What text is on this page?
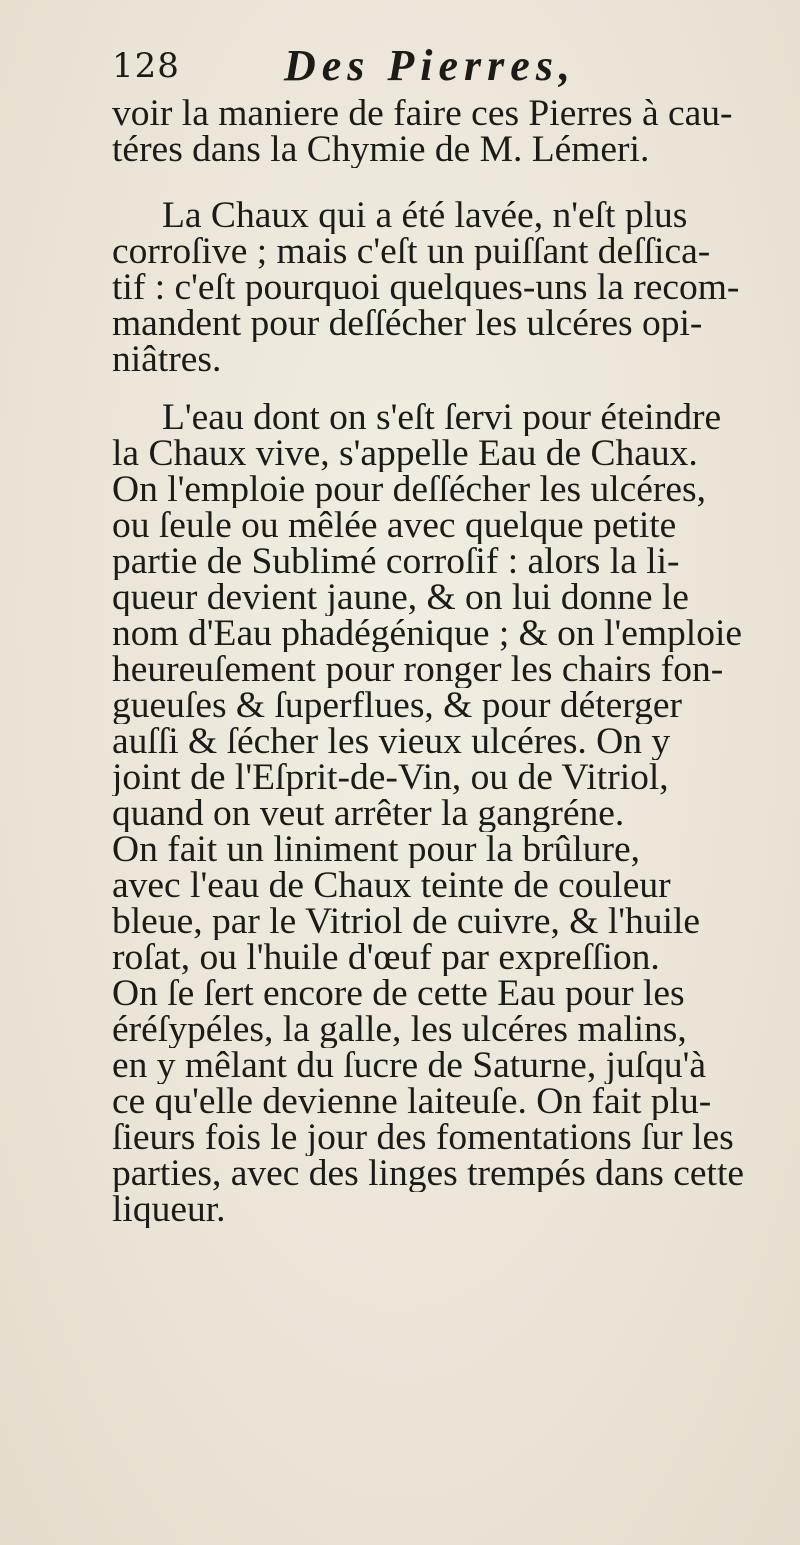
128 Des Pierres,

voir la maniere de faire ces Pierres à cau-
téres dans la Chymie de M. Lémeri.

La Chaux qui a été lavée, n'eſt plus
corroſive ; mais c'eſt un puiſſant deſſica-
tif : c'eſt pourquoi quelques-uns la recom-
mandent pour deſſécher les ulcéres opi-
niâtres.

L'eau dont on s'eſt ſervi pour éteindre
la Chaux vive, s'appelle Eau de Chaux.
On l'emploie pour deſſécher les ulcéres,
ou ſeule ou mêlée avec quelque petite
partie de Sublimé corroſif : alors la li-
queur devient jaune, & on lui donne le
nom d'Eau phadégénique ; & on l'emploie
heureuſement pour ronger les chairs fon-
gueuſes & ſuperflues, & pour déterger
auſſi & ſécher les vieux ulcéres. On y
joint de l'Eſprit-de-Vin, ou de Vitriol,
quand on veut arrêter la gangréne.
On fait un liniment pour la brûlure,
avec l'eau de Chaux teinte de couleur
bleue, par le Vitriol de cuivre, & l'huile
roſat, ou l'huile d'œuf par expreſſion.
On ſe ſert encore de cette Eau pour les
éréſypéles, la galle, les ulcéres malins,
en y mêlant du ſucre de Saturne, juſqu'à
ce qu'elle devienne laiteuſe. On fait plu-
ſieurs fois le jour des fomentations ſur les
parties, avec des linges trempés dans cette
liqueur.
